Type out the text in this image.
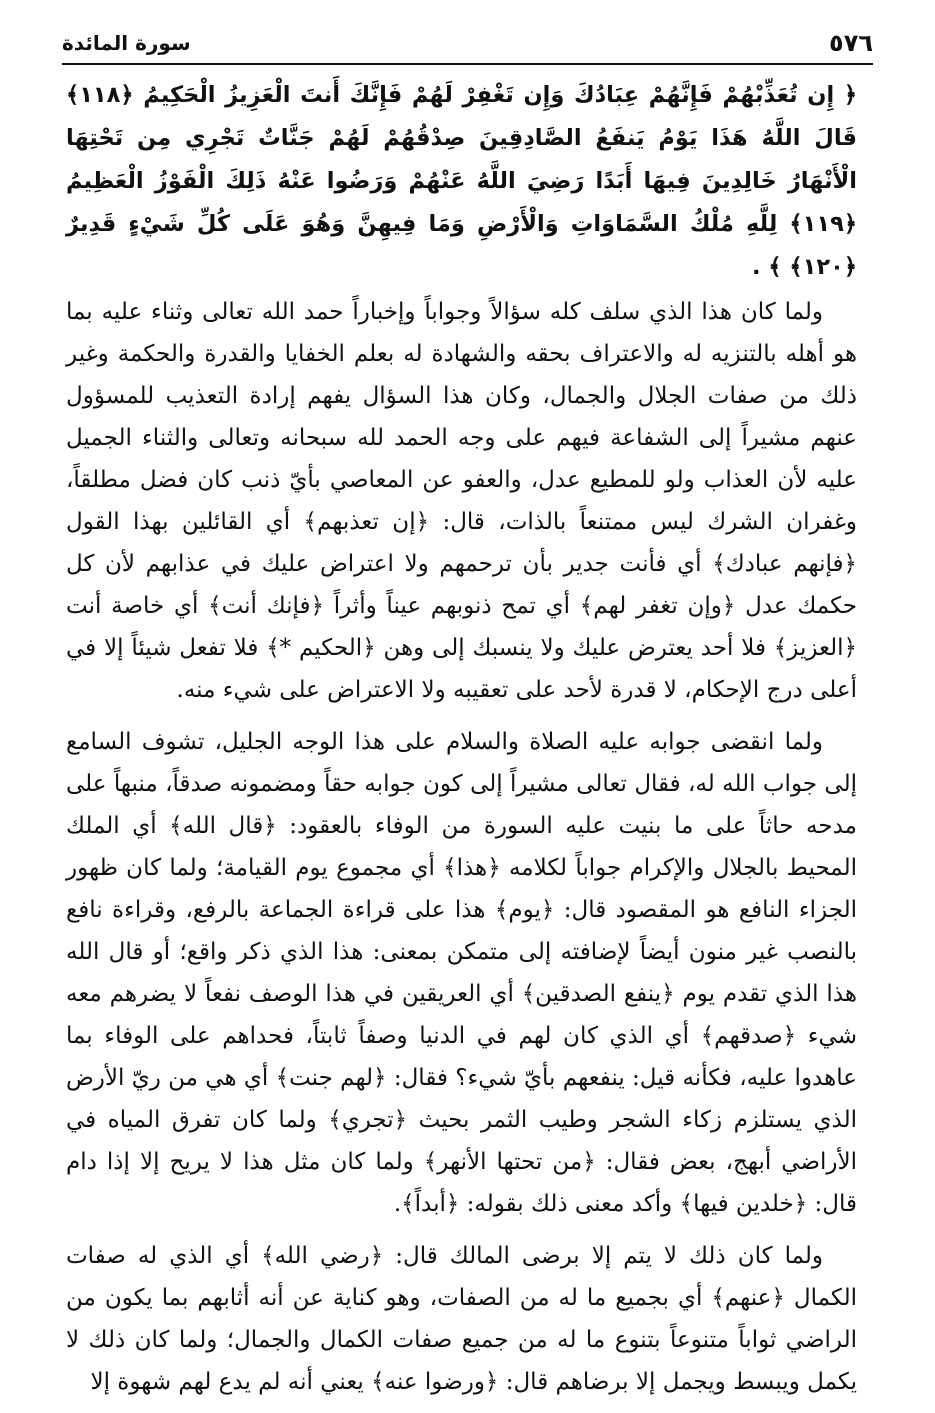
٥٧٦
سورة المائدة

﴿ إِن تُعَذِّبْهُمْ فَإِنَّهُمْ عِبَادُكَ وَإِن تَغْفِرْ لَهُمْ فَإِنَّكَ أَنتَ الْعَزِيزُ الْحَكِيمُ ﴿١١٨﴾ قَالَ اللَّهُ هَذَا يَوْمُ يَنفَعُ الصَّادِقِينَ صِدْقُهُمْ لَهُمْ جَنَّاتٌ تَجْرِي مِن تَحْتِهَا الْأَنْهَارُ خَالِدِينَ فِيهَا أَبَدًا رَضِيَ اللَّهُ عَنْهُمْ وَرَضُوا عَنْهُ ذَلِكَ الْفَوْزُ الْعَظِيمُ ﴿١١٩﴾ لِلَّهِ مُلْكُ السَّمَاوَاتِ وَالْأَرْضِ وَمَا فِيهِنَّ وَهُوَ عَلَى كُلِّ شَيْءٍ قَدِيرٌ ﴿١٢٠﴾ ﴾ .

ولما كان هذا الذي سلف كله سؤالاً وجواباً وإخباراً حمد الله تعالى وثناء عليه بما هو أهله بالتنزيه له والاعتراف بحقه والشهادة له بعلم الخفايا والقدرة والحكمة وغير ذلك من صفات الجلال والجمال، وكان هذا السؤال يفهم إرادة التعذيب للمسؤول عنهم مشيراً إلى الشفاعة فيهم على وجه الحمد لله سبحانه وتعالى والثناء الجميل عليه لأن العذاب ولو للمطيع عدل، والعفو عن المعاصي بأيّ ذنب كان فضل مطلقاً، وغفران الشرك ليس ممتنعاً بالذات، قال: ﴿إن تعذبهم﴾ أي القائلين بهذا القول ﴿فإنهم عبادك﴾ أي فأنت جدير بأن ترحمهم ولا اعتراض عليك في عذابهم لأن كل حكمك عدل ﴿وإن تغفر لهم﴾ أي تمح ذنوبهم عيناً وأثراً ﴿فإنك أنت﴾ أي خاصة أنت ﴿العزيز﴾ فلا أحد يعترض عليك ولا ينسبك إلى وهن ﴿الحكيم *﴾ فلا تفعل شيئاً إلا في أعلى درج الإحكام، لا قدرة لأحد على تعقيبه ولا الاعتراض على شيء منه.

ولما انقضى جوابه عليه الصلاة والسلام على هذا الوجه الجليل، تشوف السامع إلى جواب الله له، فقال تعالى مشيراً إلى كون جوابه حقاً ومضمونه صدقاً، منبهاً على مدحه حاثاً على ما بنيت عليه السورة من الوفاء بالعقود: ﴿قال الله﴾ أي الملك المحيط بالجلال والإكرام جواباً لكلامه ﴿هذا﴾ أي مجموع يوم القيامة؛ ولما كان ظهور الجزاء النافع هو المقصود قال: ﴿يوم﴾ هذا على قراءة الجماعة بالرفع، وقراءة نافع بالنصب غير منون أيضاً لإضافته إلى متمكن بمعنى: هذا الذي ذكر واقع؛ أو قال الله هذا الذي تقدم يوم ﴿ينفع الصدقين﴾ أي العريقين في هذا الوصف نفعاً لا يضرهم معه شيء ﴿صدقهم﴾ أي الذي كان لهم في الدنيا وصفاً ثابتاً، فحداهم على الوفاء بما عاهدوا عليه، فكأنه قيل: ينفعهم بأيّ شيء؟ فقال: ﴿لهم جنت﴾ أي هي من ريّ الأرض الذي يستلزم زكاء الشجر وطيب الثمر بحيث ﴿تجري﴾ ولما كان تفرق المياه في الأراضي أبهج، بعض فقال: ﴿من تحتها الأنهر﴾ ولما كان مثل هذا لا يريح إلا إذا دام قال: ﴿خلدين فيها﴾ وأكد معنى ذلك بقوله: ﴿أبداً﴾.

ولما كان ذلك لا يتم إلا برضى المالك قال: ﴿رضي الله﴾ أي الذي له صفات الكمال ﴿عنهم﴾ أي بجميع ما له من الصفات، وهو كناية عن أنه أثابهم بما يكون من الراضي ثواباً متنوعاً بتنوع ما له من جميع صفات الكمال والجمال؛ ولما كان ذلك لا يكمل ويبسط ويجمل إلا برضاهم قال: ﴿ورضوا عنه﴾ يعني أنه لم يدع لهم شهوة إلا
